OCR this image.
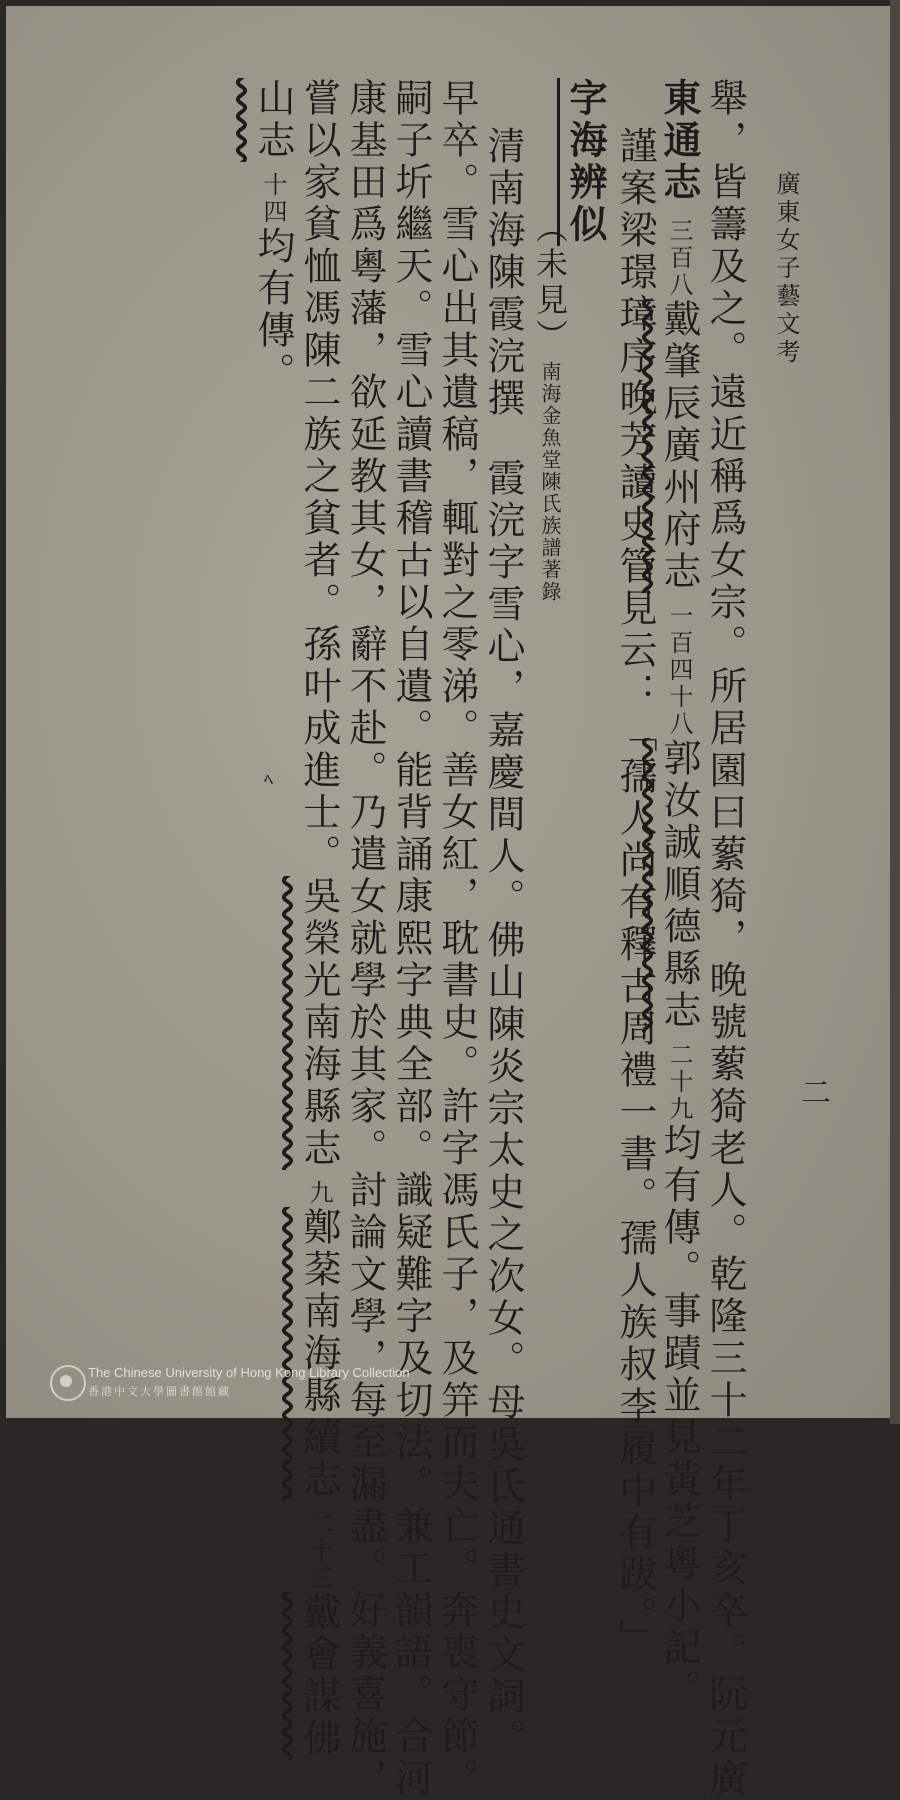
廣東女子藝文考
二
舉，皆籌及之。遠近稱爲女宗。所居園曰蕠猗，晚號蕠猗老人。乾隆三十二年丁亥卒。阮元廣
東通志三百八戴肇辰廣州府志一百四十八郭汝誠順德縣志二十九均有傳。事蹟並見黃芝粵小記。
謹案梁璟璋序晚芳讀史管見云：「孺人尚有釋古周禮一書。孺人族叔李履中有跋。」
字海辨似
（未見）南海金魚堂陳氏族譜著錄
清南海陳霞浣撰霞浣字雪心，嘉慶間人。佛山陳炎宗太史之次女。母吳氏通書史文詞。
早卒。雪心出其遺稿，輒對之零涕。善女紅，耽書史。許字馮氏子，及笄而夫亡。奔喪守節。
嗣子圻繼天。雪心讀書稽古以自遺。能背誦康熙字典全部。識疑難字及切法。兼工韻語。合河
康基田爲粵藩，欲延教其女，辭不赴。乃遣女就學於其家。討論文學，每至漏盡。好義喜施，
嘗以家貧恤馮陳二族之貧者。孫叶成進士。吳榮光南海縣志九鄭棻南海縣續志二十三戴會謀佛
山志十四均有傳。
ﾍ
The Chinese University of Hong Kong Library Collection
香港中文大學圖書館館藏
